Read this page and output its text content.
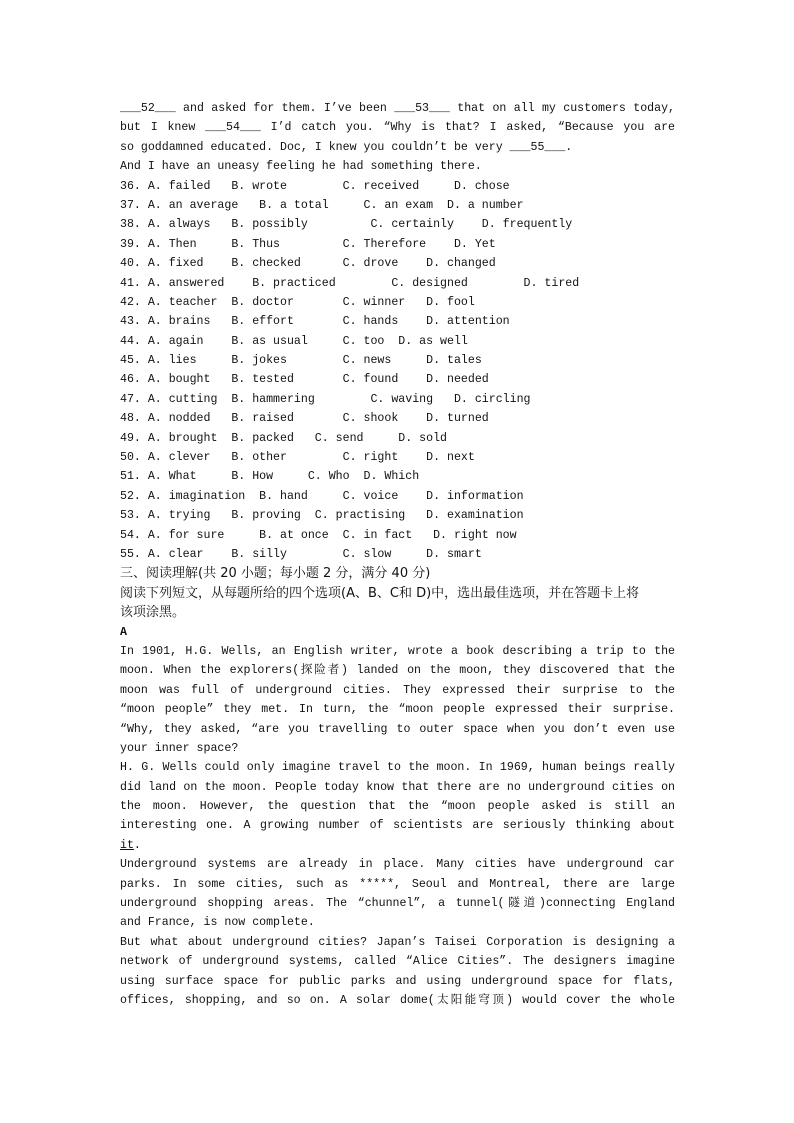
___52___ and asked for them. I’ve been ___53___ that on all my customers today,
but I knew ___54___ I’d catch you. “Why is that? I asked, “Because you are
so goddamned educated. Doc, I knew you couldn’t be very ___55___.
And I have an uneasy feeling he had something there.
36. A. failed   B. wrote        C. received     D. chose
37. A. an average   B. a total     C. an exam  D. a number
38. A. always   B. possibly         C. certainly    D. frequently
39. A. Then     B. Thus         C. Therefore    D. Yet
40. A. fixed    B. checked      C. drove    D. changed
41. A. answered    B. practiced        C. designed        D. tired
42. A. teacher  B. doctor       C. winner   D. fool
43. A. brains   B. effort       C. hands    D. attention
44. A. again    B. as usual     C. too  D. as well
45. A. lies     B. jokes        C. news     D. tales
46. A. bought   B. tested       C. found    D. needed
47. A. cutting  B. hammering        C. waving   D. circling
48. A. nodded   B. raised       C. shook    D. turned
49. A. brought  B. packed   C. send     D. sold
50. A. clever   B. other        C. right    D. next
51. A. What     B. How     C. Who  D. Which
52. A. imagination  B. hand     C. voice    D. information
53. A. trying   B. proving  C. practising   D. examination
54. A. for sure     B. at once  C. in fact   D. right now
55. A. clear    B. silly        C. slow     D. smart
三、阅读理解(共 20 小题；每小题 2 分，满分 40 分)
阅读下列短文，从每题所给的四个选项(A、B、C和 D)中，选出最佳选项，并在答题卡上将
该项涂黑。
A
In 1901, H.G. Wells, an English writer, wrote a book describing a trip to the
moon. When the explorers(探险者) landed on the moon, they discovered that the
moon was full of underground cities. They expressed their surprise to the
“moon people” they met. In turn, the “moon people expressed their surprise.
“Why, they asked, “are you travelling to outer space when you don’t even use
your inner space?
H. G. Wells could only imagine travel to the moon. In 1969, human beings really
did land on the moon. People today know that there are no underground cities on
the moon. However, the question that the “moon people asked is still an
interesting one. A growing number of scientists are seriously thinking about it.
Underground systems are already in place. Many cities have underground car
parks. In some cities, such as *****, Seoul and Montreal, there are large
underground shopping areas. The “chunnel”, a tunnel(隧道)connecting England
and France, is now complete.
But what about underground cities? Japan’s Taisei Corporation is designing a
network of underground systems, called “Alice Cities”. The designers imagine
using surface space for public parks and using underground space for flats,
offices, shopping, and so on. A solar dome(太阳能穹顶) would cover the whole
